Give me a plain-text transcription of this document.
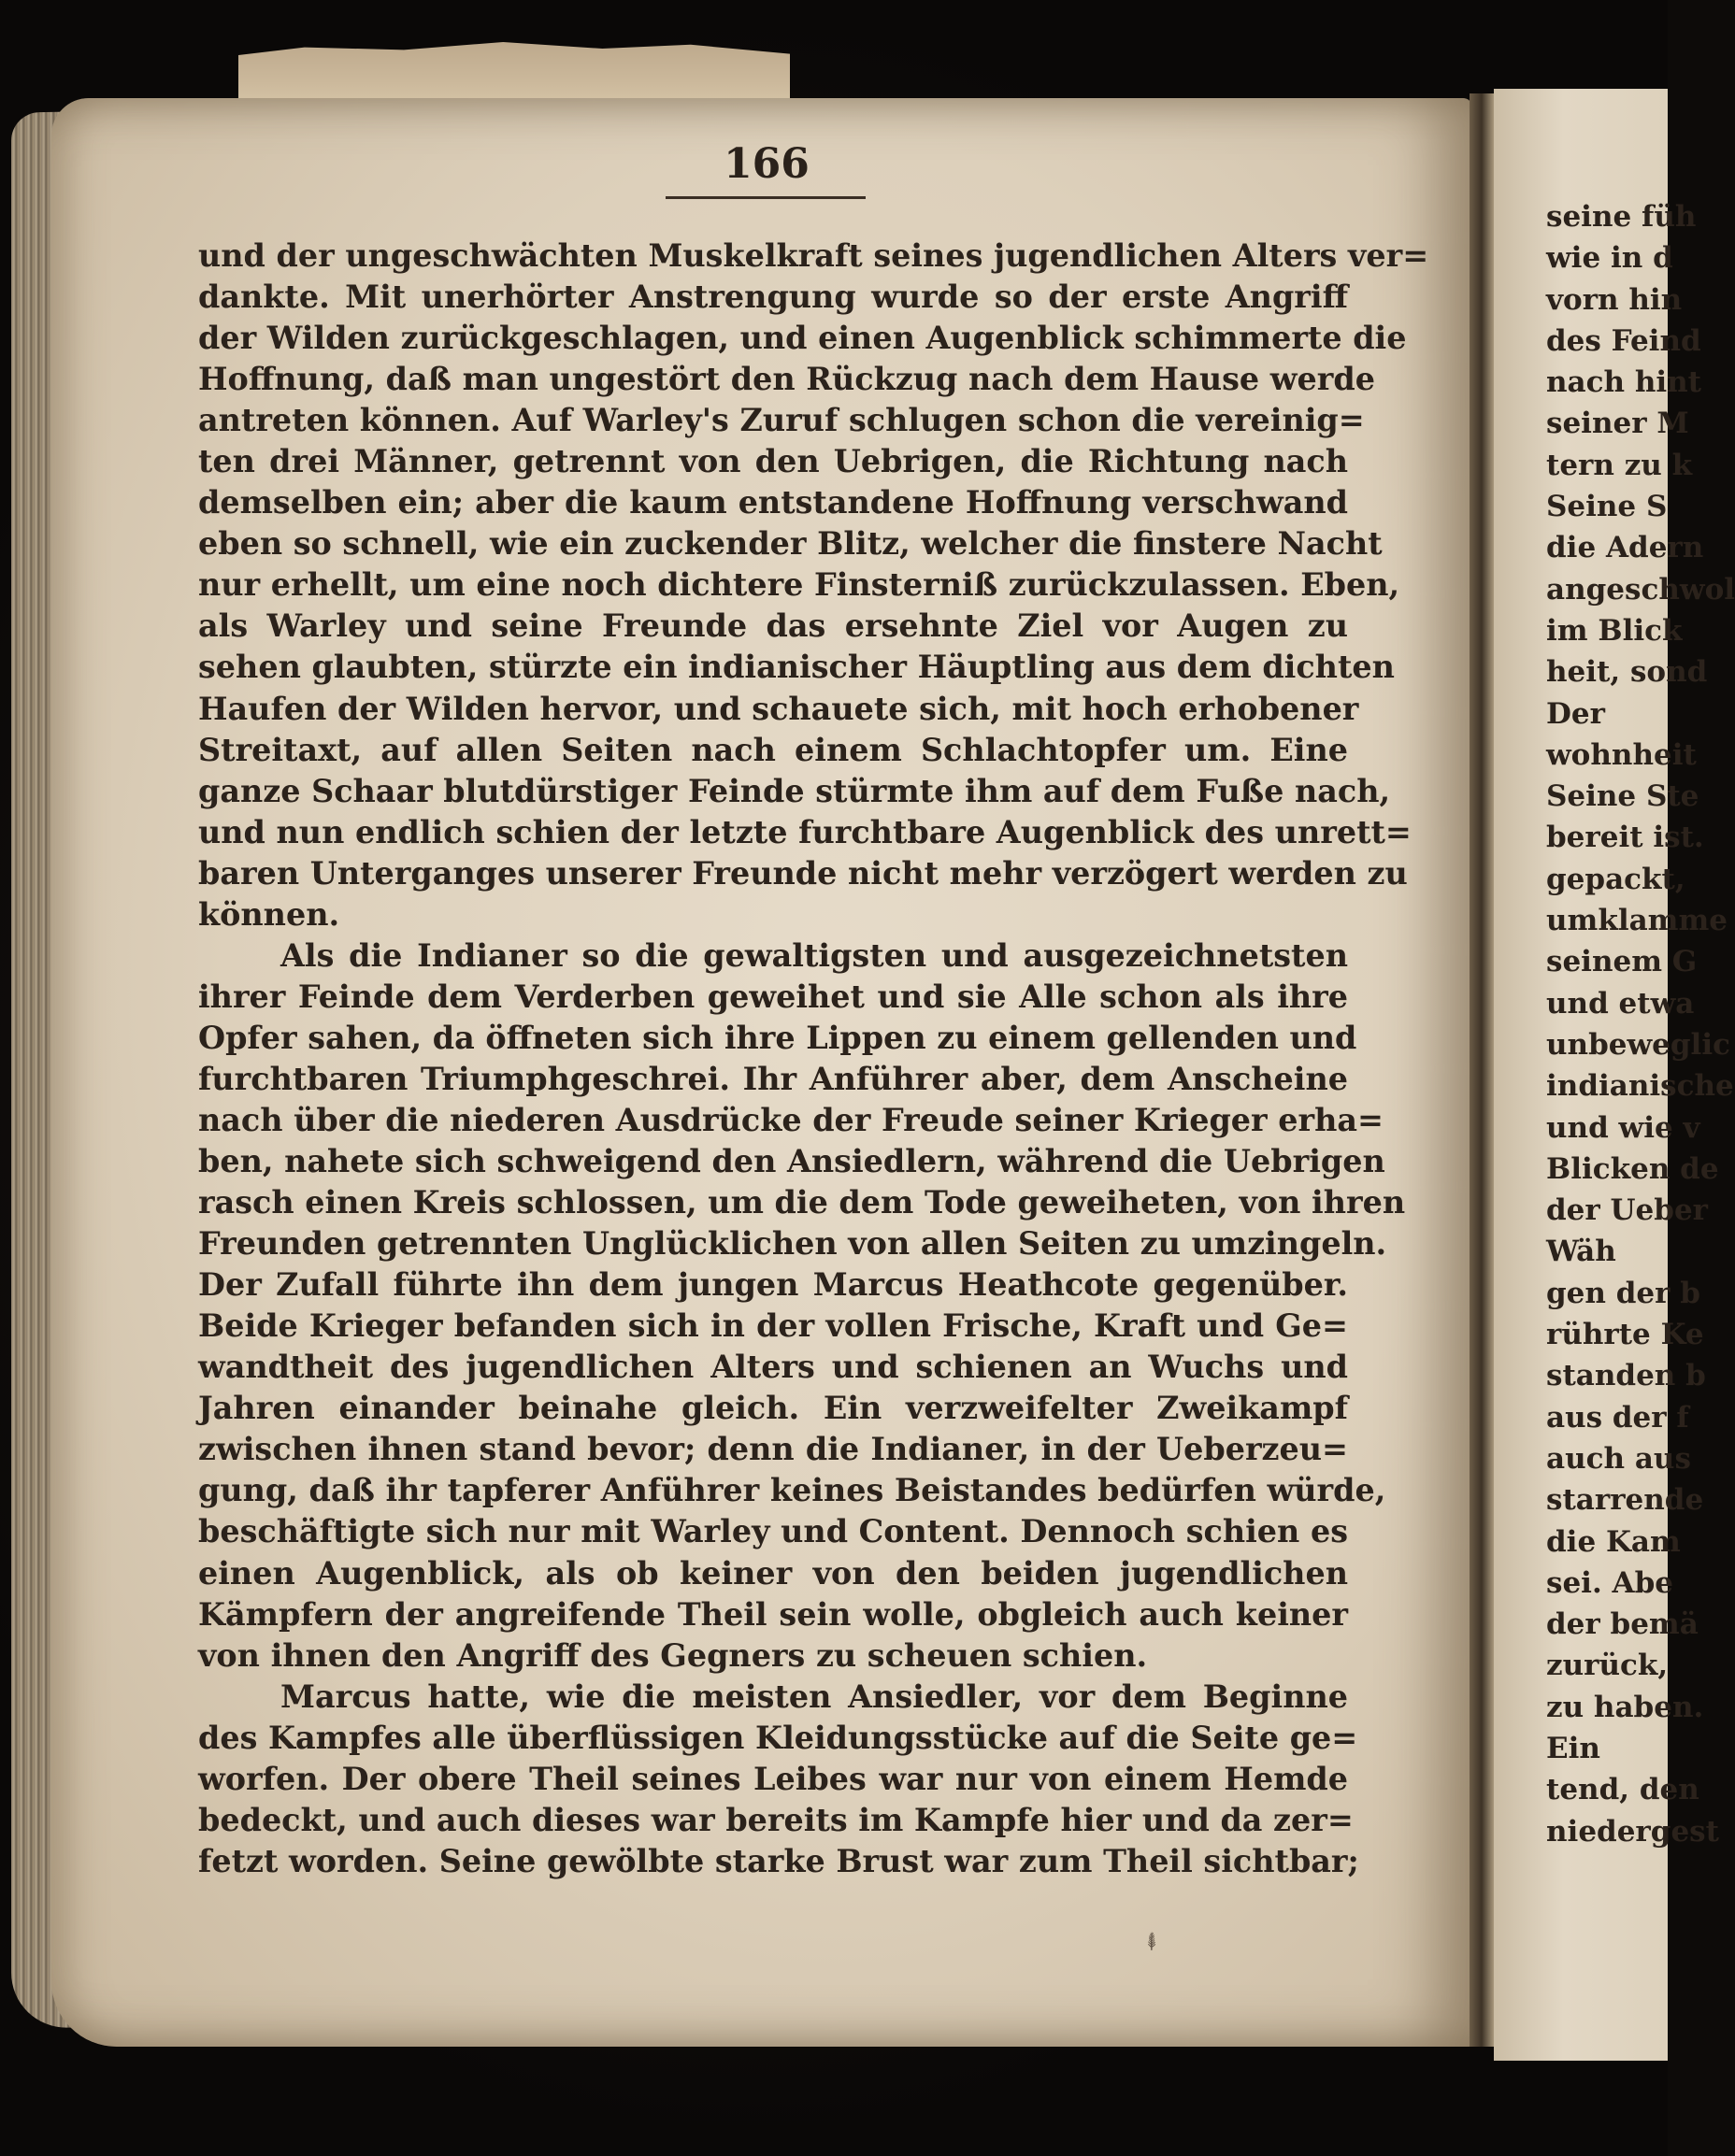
166
und der ungeschwächten Muskelkraft seines jugendlichen Alters ver=
dankte. Mit unerhörter Anstrengung wurde so der erste Angriff
der Wilden zurückgeschlagen, und einen Augenblick schimmerte die
Hoffnung, daß man ungestört den Rückzug nach dem Hause werde
antreten können. Auf Warley's Zuruf schlugen schon die vereinig=
ten drei Männer, getrennt von den Uebrigen, die Richtung nach
demselben ein; aber die kaum entstandene Hoffnung verschwand
eben so schnell, wie ein zuckender Blitz, welcher die finstere Nacht
nur erhellt, um eine noch dichtere Finsterniß zurückzulassen. Eben,
als Warley und seine Freunde das ersehnte Ziel vor Augen zu
sehen glaubten, stürzte ein indianischer Häuptling aus dem dichten
Haufen der Wilden hervor, und schauete sich, mit hoch erhobener
Streitaxt, auf allen Seiten nach einem Schlachtopfer um. Eine
ganze Schaar blutdürstiger Feinde stürmte ihm auf dem Fuße nach,
und nun endlich schien der letzte furchtbare Augenblick des unrett=
baren Unterganges unserer Freunde nicht mehr verzögert werden zu
können.
Als die Indianer so die gewaltigsten und ausgezeichnetsten
ihrer Feinde dem Verderben geweihet und sie Alle schon als ihre
Opfer sahen, da öffneten sich ihre Lippen zu einem gellenden und
furchtbaren Triumphgeschrei. Ihr Anführer aber, dem Anscheine
nach über die niederen Ausdrücke der Freude seiner Krieger erha=
ben, nahete sich schweigend den Ansiedlern, während die Uebrigen
rasch einen Kreis schlossen, um die dem Tode geweiheten, von ihren
Freunden getrennten Unglücklichen von allen Seiten zu umzingeln.
Der Zufall führte ihn dem jungen Marcus Heathcote gegenüber.
Beide Krieger befanden sich in der vollen Frische, Kraft und Ge=
wandtheit des jugendlichen Alters und schienen an Wuchs und
Jahren einander beinahe gleich. Ein verzweifelter Zweikampf
zwischen ihnen stand bevor; denn die Indianer, in der Ueberzeu=
gung, daß ihr tapferer Anführer keines Beistandes bedürfen würde,
beschäftigte sich nur mit Warley und Content. Dennoch schien es
einen Augenblick, als ob keiner von den beiden jugendlichen
Kämpfern der angreifende Theil sein wolle, obgleich auch keiner
von ihnen den Angriff des Gegners zu scheuen schien.
Marcus hatte, wie die meisten Ansiedler, vor dem Beginne
des Kampfes alle überflüssigen Kleidungsstücke auf die Seite ge=
worfen. Der obere Theil seines Leibes war nur von einem Hemde
bedeckt, und auch dieses war bereits im Kampfe hier und da zer=
fetzt worden. Seine gewölbte starke Brust war zum Theil sichtbar;
⸙
seine füh
wie in d
vorn hin
des Feind
nach hint
seiner M
tern zu k
Seine S
die Adern
angeschwol
im Blick
heit, sond
Der
wohnheit
Seine Ste
bereit ist.
gepackt,
umklamme
seinem G
und etwa
unbeweglic
indianische
und wie v
Blicken de
der Ueber
Wäh
gen der b
rührte Ke
standen b
aus der f
auch aus
starrende
die Kam
sei. Abe
der bemä
zurück,
zu haben.
Ein
tend, den
niedergest
